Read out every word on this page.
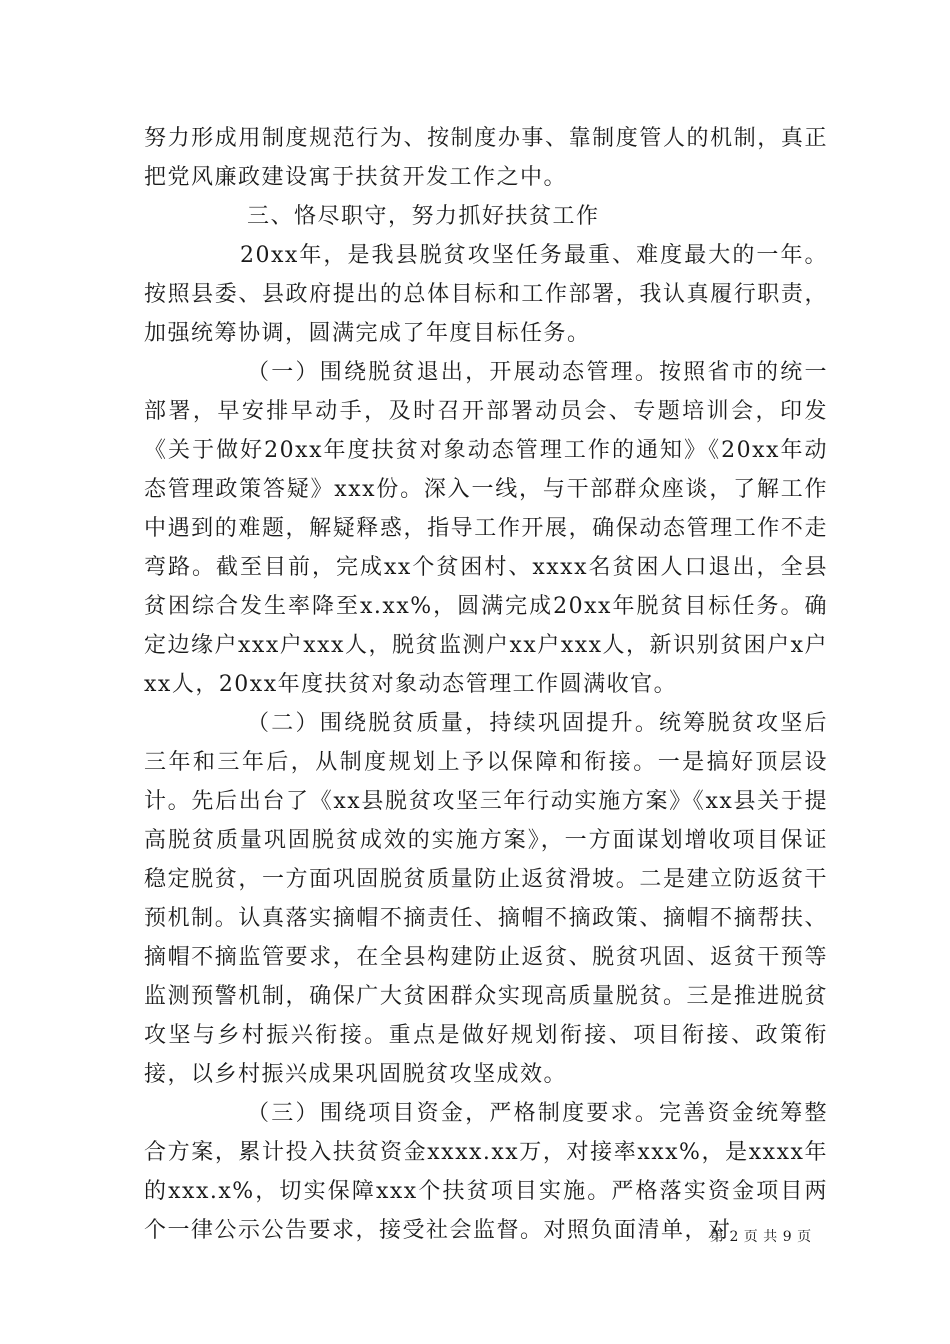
努力形成用制度规范行为、按制度办事、靠制度管人的机制，真正把党风廉政建设寓于扶贫开发工作之中。

三、恪尽职守，努力抓好扶贫工作

20xx年，是我县脱贫攻坚任务最重、难度最大的一年。按照县委、县政府提出的总体目标和工作部署，我认真履行职责，加强统筹协调，圆满完成了年度目标任务。

（一）围绕脱贫退出，开展动态管理。按照省市的统一部署，早安排早动手，及时召开部署动员会、专题培训会，印发《关于做好20xx年度扶贫对象动态管理工作的通知》《20xx年动态管理政策答疑》xxx份。深入一线，与干部群众座谈，了解工作中遇到的难题，解疑释惑，指导工作开展，确保动态管理工作不走弯路。截至目前，完成xx个贫困村、xxxx名贫困人口退出，全县贫困综合发生率降至x.xx%，圆满完成20xx年脱贫目标任务。确定边缘户xxx户xxx人，脱贫监测户xx户xxx人，新识别贫困户x户xx人，20xx年度扶贫对象动态管理工作圆满收官。

（二）围绕脱贫质量，持续巩固提升。统筹脱贫攻坚后三年和三年后，从制度规划上予以保障和衔接。一是搞好顶层设计。先后出台了《xx县脱贫攻坚三年行动实施方案》《xx县关于提高脱贫质量巩固脱贫成效的实施方案》，一方面谋划增收项目保证稳定脱贫，一方面巩固脱贫质量防止返贫滑坡。二是建立防返贫干预机制。认真落实摘帽不摘责任、摘帽不摘政策、摘帽不摘帮扶、摘帽不摘监管要求，在全县构建防止返贫、脱贫巩固、返贫干预等监测预警机制，确保广大贫困群众实现高质量脱贫。三是推进脱贫攻坚与乡村振兴衔接。重点是做好规划衔接、项目衔接、政策衔接，以乡村振兴成果巩固脱贫攻坚成效。

（三）围绕项目资金，严格制度要求。完善资金统筹整合方案，累计投入扶贫资金xxxx.xx万，对接率xxx%，是xxxx年的xxx.x%，切实保障xxx个扶贫项目实施。严格落实资金项目两个一律公示公告要求，接受社会监督。对照负面清单，对

第 2 页 共 9 页
